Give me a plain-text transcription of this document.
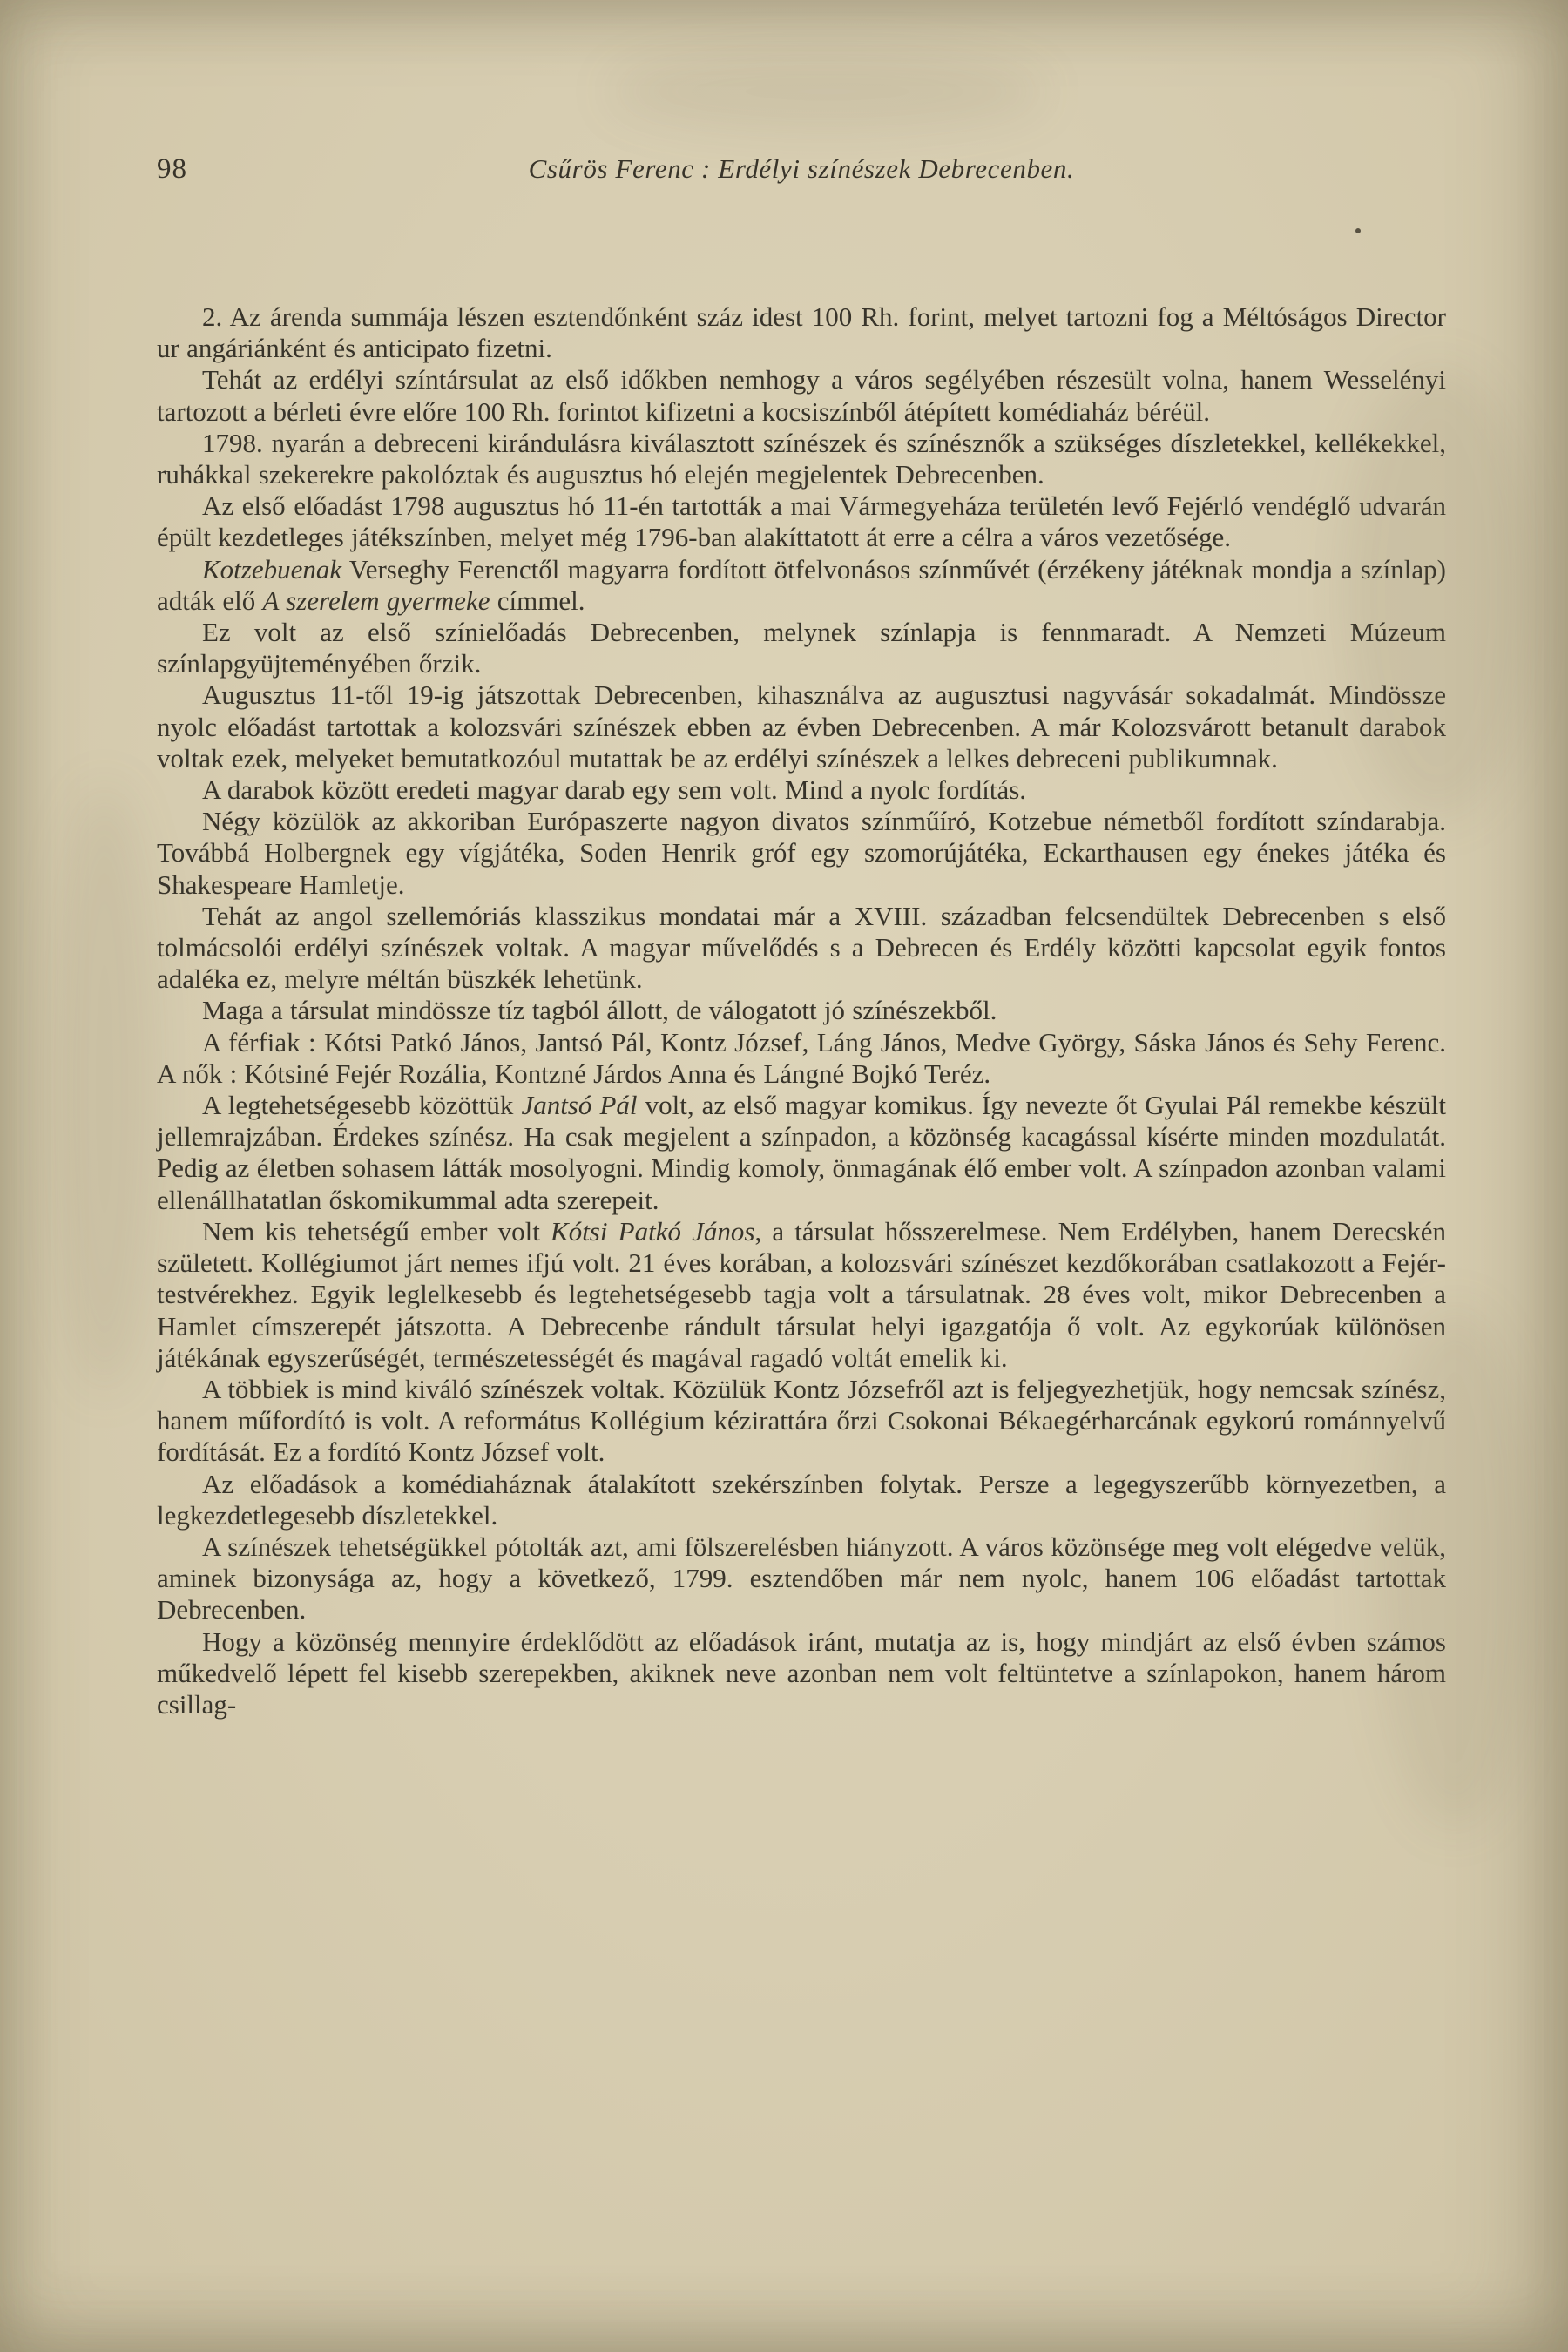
98	Csűrös Ferenc : Erdélyi színészek Debrecenben.

2. Az árenda summája lészen esztendőnként száz idest 100 Rh. forint, melyet tartozni fog a Méltóságos Director ur angáriánként és anticipato fizetni.

Tehát az erdélyi színtársulat az első időkben nemhogy a város segélyében részesült volna, hanem Wesselényi tartozott a bérleti évre előre 100 Rh. forintot kifizetni a kocsiszínből átépített komédiaház béréül.

1798. nyarán a debreceni kirándulásra kiválasztott színészek és színésznők a szükséges díszletekkel, kellékekkel, ruhákkal szekerekre pakolóztak és augusztus hó elején megjelentek Debrecenben.

Az első előadást 1798 augusztus hó 11-én tartották a mai Vármegyeháza területén levő Fejérló vendéglő udvarán épült kezdetleges játékszínben, melyet még 1796-ban alakíttatott át erre a célra a város vezetősége.

Kotzebuenak Verseghy Ferenctől magyarra fordított ötfelvonásos színművét (érzékeny játéknak mondja a színlap) adták elő A szerelem gyermeke címmel.

Ez volt az első színielőadás Debrecenben, melynek színlapja is fennmaradt. A Nemzeti Múzeum színlapgyüjteményében őrzik.

Augusztus 11-től 19-ig játszottak Debrecenben, kihasználva az augusztusi nagyvásár sokadalmát. Mindössze nyolc előadást tartottak a kolozsvári színészek ebben az évben Debrecenben. A már Kolozsvárott betanult darabok voltak ezek, melyeket bemutatkozóul mutattak be az erdélyi színészek a lelkes debreceni publikumnak.

A darabok között eredeti magyar darab egy sem volt. Mind a nyolc fordítás.

Négy közülök az akkoriban Európaszerte nagyon divatos színműíró, Kotzebue németből fordított színdarabja. Továbbá Holbergnek egy vígjátéka, Soden Henrik gróf egy szomorújátéka, Eckarthausen egy énekes játéka és Shakespeare Hamletje.

Tehát az angol szellemóriás klasszikus mondatai már a XVIII. században felcsendültek Debrecenben s első tolmácsolói erdélyi színészek voltak. A magyar művelődés s a Debrecen és Erdély közötti kapcsolat egyik fontos adaléka ez, melyre méltán büszkék lehetünk.

Maga a társulat mindössze tíz tagból állott, de válogatott jó színészekből.

A férfiak : Kótsi Patkó János, Jantsó Pál, Kontz József, Láng János, Medve György, Sáska János és Sehy Ferenc. A nők : Kótsiné Fejér Rozália, Kontzné Járdos Anna és Lángné Bojkó Teréz.

A legtehetségesebb közöttük Jantsó Pál volt, az első magyar komikus. Így nevezte őt Gyulai Pál remekbe készült jellemrajzában. Érdekes színész. Ha csak megjelent a színpadon, a közönség kacagással kísérte minden mozdulatát. Pedig az életben sohasem látták mosolyogni. Mindig komoly, önmagának élő ember volt. A színpadon azonban valami ellenállhatatlan őskomikummal adta szerepeit.

Nem kis tehetségű ember volt Kótsi Patkó János, a társulat hősszerelmese. Nem Erdélyben, hanem Derecskén született. Kollégiumot járt nemes ifjú volt. 21 éves korában, a kolozsvári színészet kezdőkorában csatlakozott a Fejér-testvérekhez. Egyik leglelkesebb és legtehetségesebb tagja volt a társulatnak. 28 éves volt, mikor Debrecenben a Hamlet címszerepét játszotta. A Debrecenbe rándult társulat helyi igazgatója ő volt. Az egykorúak különösen játékának egyszerűségét, természetességét és magával ragadó voltát emelik ki.

A többiek is mind kiváló színészek voltak. Közülük Kontz Józsefről azt is feljegyezhetjük, hogy nemcsak színész, hanem műfordító is volt. A református Kollégium kézirattára őrzi Csokonai Békaegérharcának egykorú románnyelvű fordítását. Ez a fordító Kontz József volt.

Az előadások a komédiaháznak átalakított szekérszínben folytak. Persze a legegyszerűbb környezetben, a legkezdetlegesebb díszletekkel.

A színészek tehetségükkel pótolták azt, ami fölszerelésben hiányzott. A város közönsége meg volt elégedve velük, aminek bizonysága az, hogy a következő, 1799. esztendőben már nem nyolc, hanem 106 előadást tartottak Debrecenben.

Hogy a közönség mennyire érdeklődött az előadások iránt, mutatja az is, hogy mindjárt az első évben számos műkedvelő lépett fel kisebb szerepekben, akiknek neve azonban nem volt feltüntetve a színlapokon, hanem három csillag-
